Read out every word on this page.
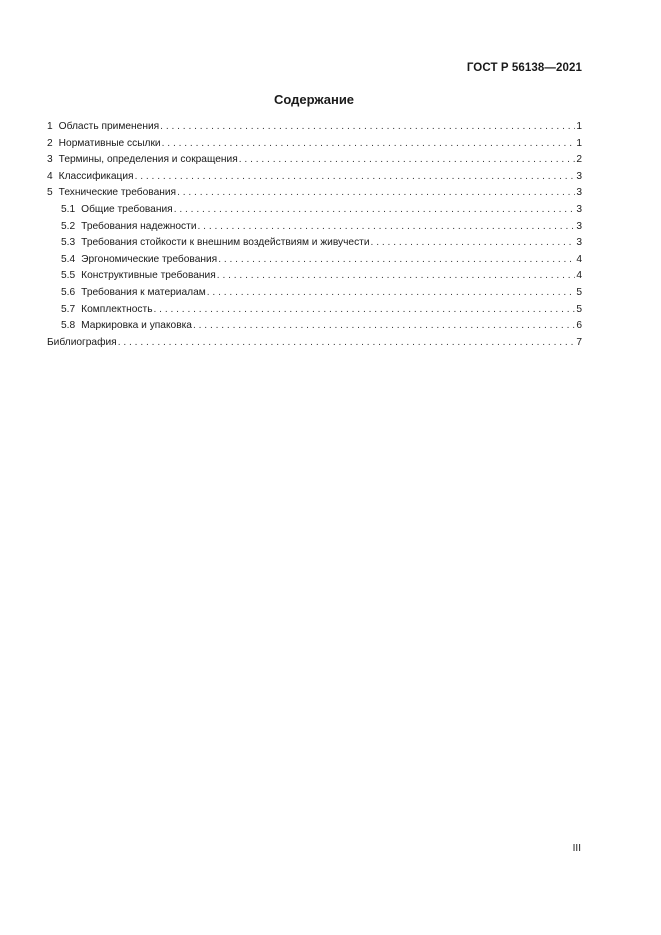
ГОСТ Р 56138—2021
Содержание
1 Область применения . . .	1
2 Нормативные ссылки . . .	1
3 Термины, определения и сокращения . . .	2
4 Классификация . . .	3
5 Технические требования . . .	3
5.1 Общие требования . . .	3
5.2 Требования надежности . . .	3
5.3 Требования стойкости к внешним воздействиям и живучести . . .	3
5.4 Эргономические требования . . .	4
5.5 Конструктивные требования . . .	4
5.6 Требования к материалам . . .	5
5.7 Комплектность . . .	5
5.8 Маркировка и упаковка . . .	6
Библиография . . .	7
III
